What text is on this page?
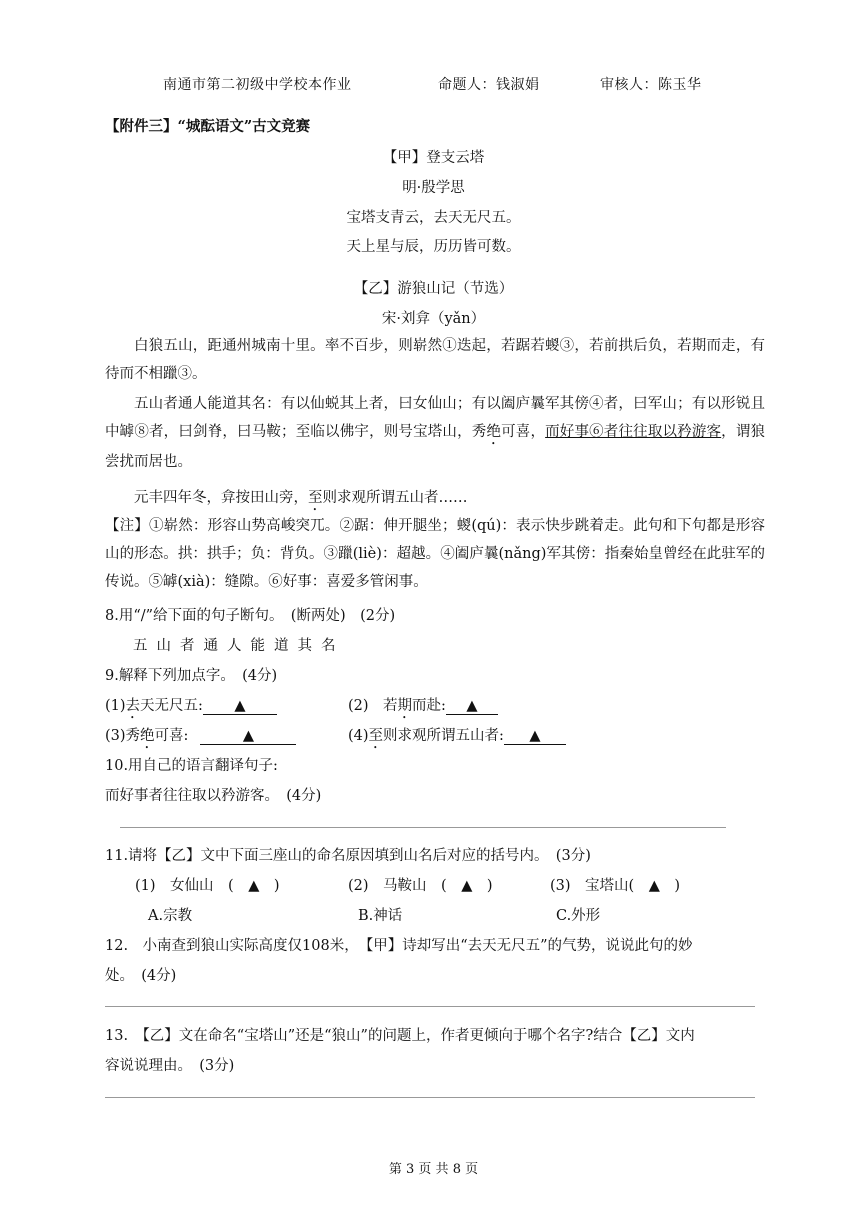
南通市第二初级中学校本作业	命题人：钱淑娟	审核人：陈玉华
【附件三】“城酝语文”古文竞赛
【甲】登支云塔
明·殷学思
宝塔支青云，去天无尺五。
天上星与辰，历历皆可数。
【乙】游狼山记（节选）
宋·刘弇（yǎn）
白狼五山，距通州城南十里。率不百步，则崭然①迭起，若踞若蝬③，若前拱后负，若期而走，有待而不相躐③。
五山者通人能道其名：有以仙蜕其上者，曰女仙山；有以阖庐曩军其傍④者，曰军山；有以形锐且中罅⑧者，曰剑脊，曰马鞍；至临以佛宇，则号宝塔山，秀绝可喜，而好事⑥者往往取以矜游客，谓狼尝扰而居也。
元丰四年冬，弇按田山旁，至则求观所谓五山者……
【注】①崭然：形容山势高峻突兀。②踞：伸开腿坐；蝬(qú)：表示快步跳着走。此句和下句都是形容山的形态。拱：拱手；负：背负。③躐(liè)：超越。④阖庐曩(nǎng)军其傍：指秦始皇曾经在此驻军的传说。⑤罅(xià)：缝隙。⑥好事：喜爱多管闲事。
8.用“/”给下面的句子断句。　(断两处)　(2分)
五山者通人能道其名
9.解释下列加点字。　(4分)
(1)去天无尺五: ▲	(2)　若期而赴: ▲
(3)秀绝可喜:	▲	(4)至则求观所谓五山者: ▲
10.用自己的语言翻译句子:
而好事者往往取以矜游客。　(4分)
11.请将【乙】文中下面三座山的命名原因填到山名后对应的括号内。　(3分)
(1)　女仙山　(　▲　)	(2)　马鞍山　(　▲　)	(3)　宝塔山(　▲　)
A.宗教	B.神话	C.外形
12.　小南查到狼山实际高度仅108米，　【甲】诗却写出“去天无尺五”的气势，说说此句的妙
处。　(4分)
13.　【乙】文在命名“宝塔山”还是“狼山”的问题上，作者更倾向于哪个名字?结合【乙】文内
容说说理由。　(3分)
第 3 页 共 8 页
